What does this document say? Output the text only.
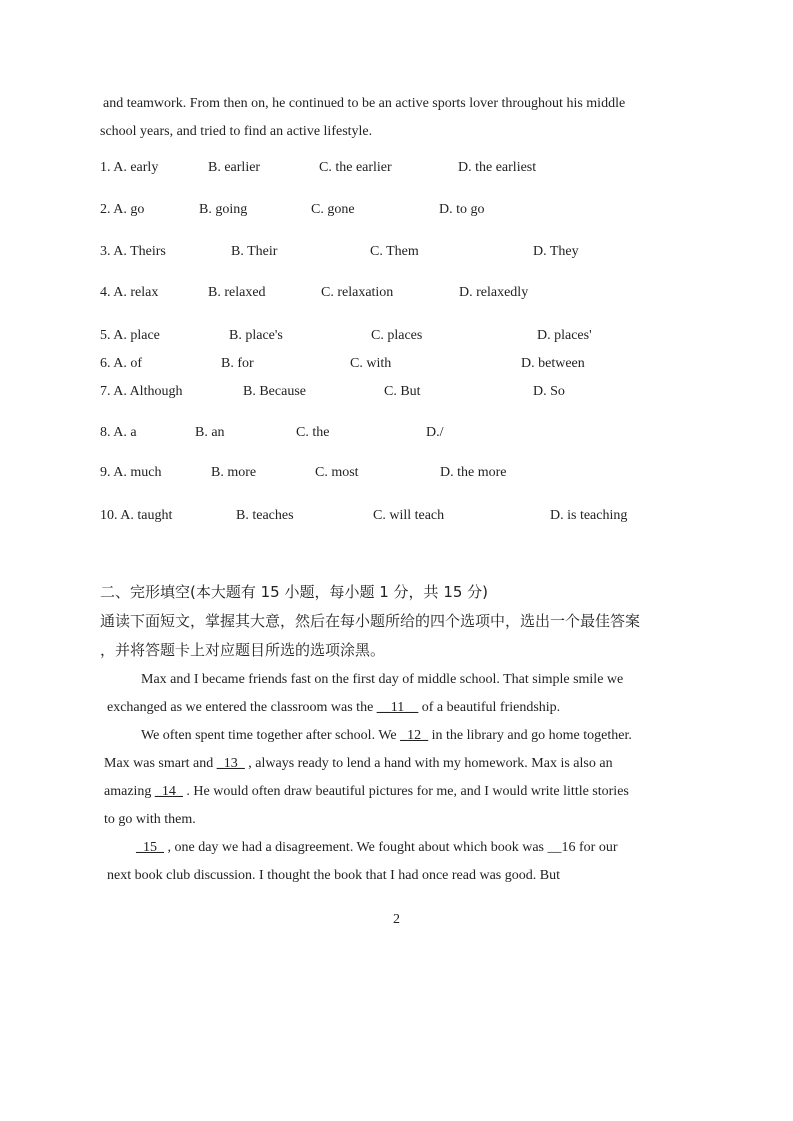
and teamwork. From then on, he continued to be an active sports lover throughout his middle
school years, and tried to find an active lifestyle.
1. A. early	B. earlier	C. the earlier	D. the earliest
2. A. go	B. going	C. gone	D. to go
3. A. Theirs	B. Their	C. Them	D. They
4. A. relax	B. relaxed	C. relaxation	D. relaxedly
5. A. place	B. place's	C. places	D. places'
6. A. of	B. for	C. with	D. between
7. A. Although	B. Because	C. But	D. So
8. A. a	B. an	C. the	D./
9. A. much	B. more	C. most	D. the more
10. A. taught	B. teaches	C. will teach	D. is teaching
二、完形填空(本大题有 15 小题，每小题 1 分，共 15 分)
通读下面短文，掌握其大意，然后在每小题所给的四个选项中，选出一个最佳答案
，并将答题卡上对应题目所选的选项涂黑。
Max and I became friends fast on the first day of middle school. That simple smile we
exchanged as we entered the classroom was the __11__ of a beautiful friendship.
We often spent time together after school. We _12_ in the library and go home together.
Max was smart and _13_ , always ready to lend a hand with my homework. Max is also an
amazing _14_ . He would often draw beautiful pictures for me, and I would write little stories
to go with them.
_15_ , one day we had a disagreement. We fought about which book was __16 for our
next book club discussion. I thought the book that I had once read was good. But
2
